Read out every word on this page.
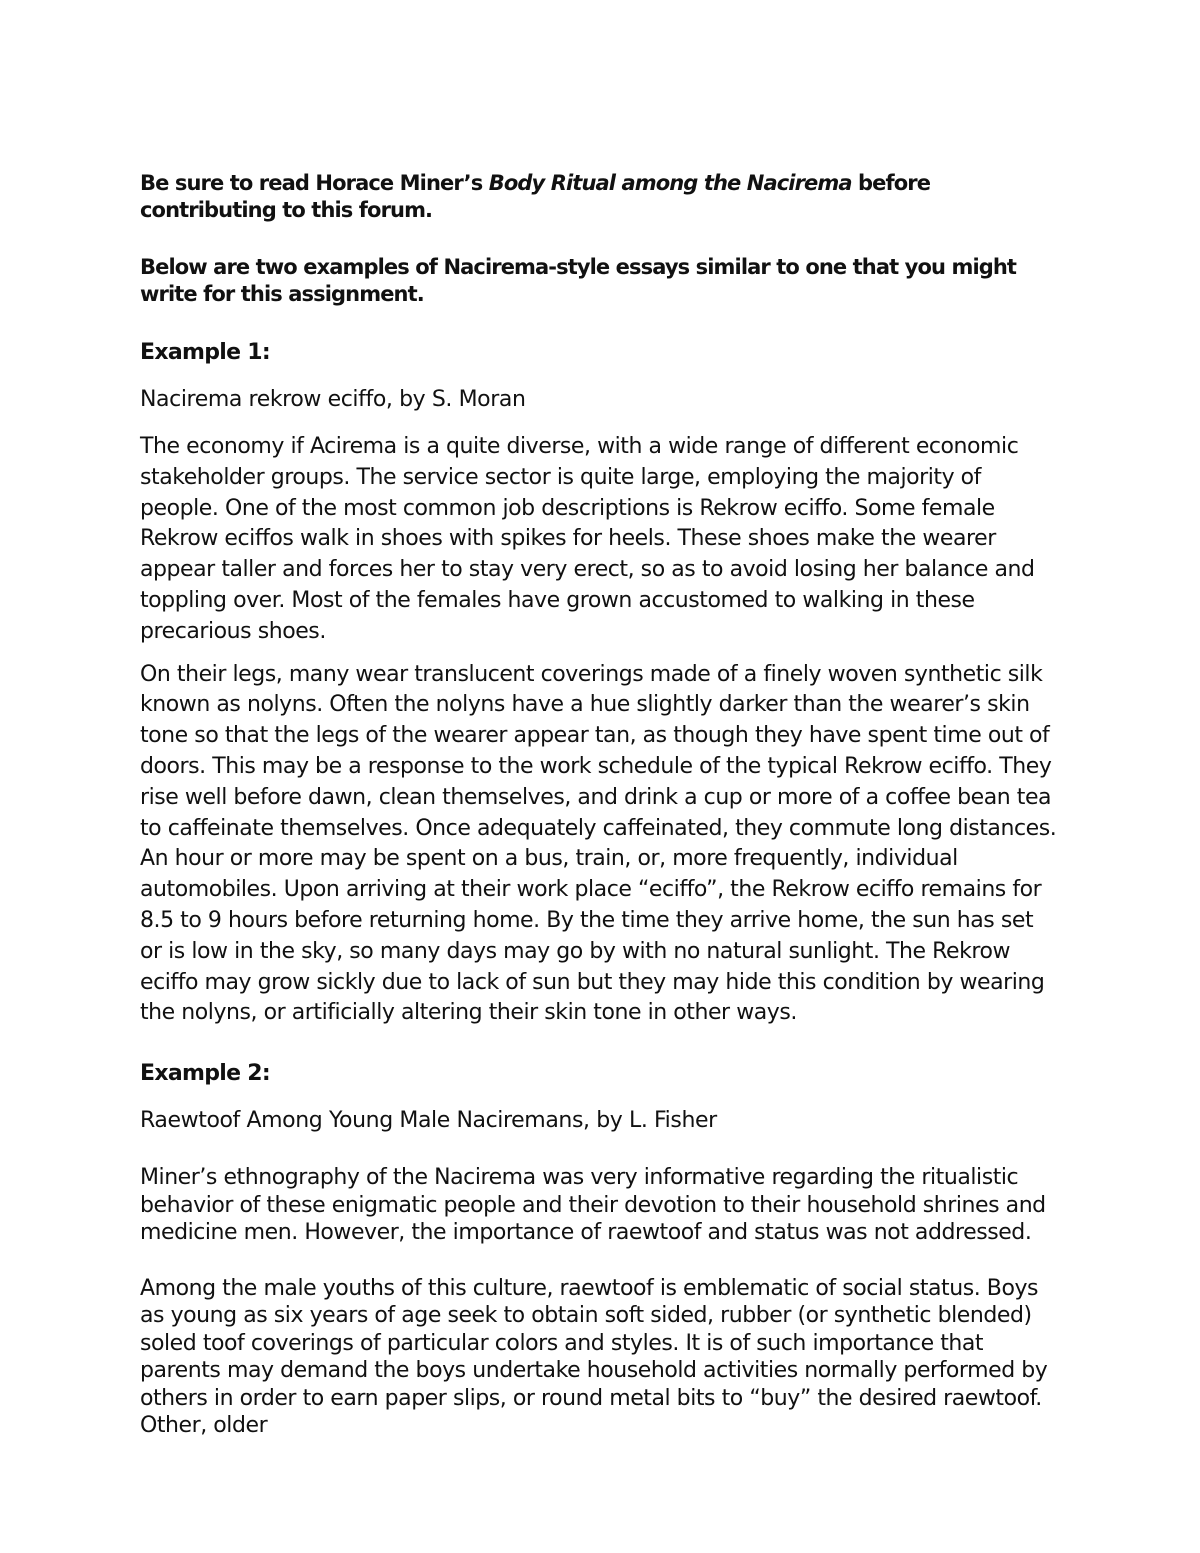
Be sure to read Horace Miner’s Body Ritual among the Nacirema before contributing to this forum.

Below are two examples of Nacirema-style essays similar to one that you might write for this assignment.

Example 1:
Nacirema rekrow eciffo, by S. Moran

The economy if Acirema is a quite diverse, with a wide range of different economic stakeholder groups. The service sector is quite large, employing the majority of people. One of the most common job descriptions is Rekrow eciffo. Some female Rekrow eciffos walk in shoes with spikes for heels. These shoes make the wearer appear taller and forces her to stay very erect, so as to avoid losing her balance and toppling over. Most of the females have grown accustomed to walking in these precarious shoes.

On their legs, many wear translucent coverings made of a finely woven synthetic silk known as nolyns. Often the nolyns have a hue slightly darker than the wearer’s skin tone so that the legs of the wearer appear tan, as though they have spent time out of doors. This may be a response to the work schedule of the typical Rekrow eciffo. They rise well before dawn, clean themselves, and drink a cup or more of a coffee bean tea to caffeinate themselves. Once adequately caffeinated, they commute long distances. An hour or more may be spent on a bus, train, or, more frequently, individual automobiles. Upon arriving at their work place “eciffo”, the Rekrow eciffo remains for 8.5 to 9 hours before returning home. By the time they arrive home, the sun has set or is low in the sky, so many days may go by with no natural sunlight. The Rekrow eciffo may grow sickly due to lack of sun but they may hide this condition by wearing the nolyns, or artificially altering their skin tone in other ways.

Example 2:
Raewtoof Among Young Male Naciremans, by L. Fisher

Miner’s ethnography of the Nacirema was very informative regarding the ritualistic behavior of these enigmatic people and their devotion to their household shrines and medicine men. However, the importance of raewtoof and status was not addressed.

Among the male youths of this culture, raewtoof is emblematic of social status. Boys as young as six years of age seek to obtain soft sided, rubber (or synthetic blended) soled toof coverings of particular colors and styles. It is of such importance that parents may demand the boys undertake household activities normally performed by others in order to earn paper slips, or round metal bits to “buy” the desired raewtoof. Other, older
